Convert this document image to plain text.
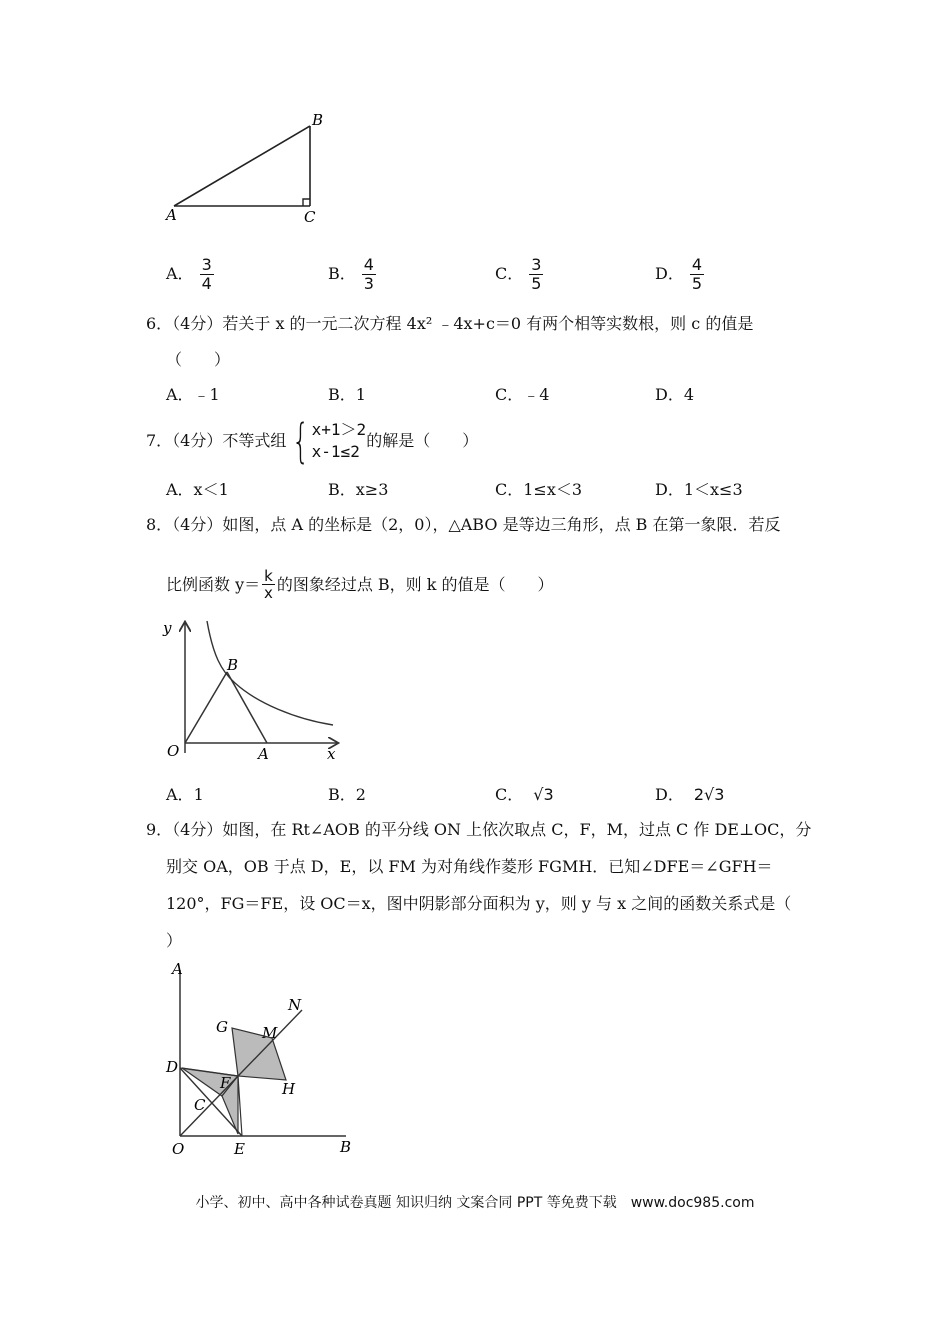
A
B
C
A． $\frac{3}{4}$	B． $\frac{4}{3}$	C． $\frac{3}{5}$	D． $\frac{4}{5}$
6．（4分）若关于 x 的一元二次方程 4x² ﹣4x+c＝0 有两个相等实数根，则 c 的值是
（　　）
A．﹣1	B．1	C．﹣4	D．4
7．（4分）不等式组 { x+1＞2
x-1≤2
的解是（　　）
A．x＜1	B．x≥3	C．1≤x＜3	D．1＜x≤3
8．（4分）如图，点 A 的坐标是（2，0），△ABO 是等边三角形，点 B 在第一象限．若反
比例函数 $y= \frac{k}{x}$ 的图象经过点 B，则 k 的值是（　　）
y
x
O	A
B
A．1	B．2	C． √3	D． 2√3
9．（4分）如图，在 Rt∠AOB 的平分线 ON 上依次取点 C，F，M，过点 C 作 DE⊥OC，分
别交 OA，OB 于点 D，E，以 FM 为对角线作菱形 FGMH．已知∠DFE＝∠GFH＝
120°，FG＝FE，设 OC＝x，图中阴影部分面积为 y，则 y 与 x 之间的函数关系式是（
）
A
N
G M
D
F	H
C
O	E	B
小学、初中、高中各种试卷真题 知识归纳 文案合同 PPT 等免费下载　www.doc985.com
